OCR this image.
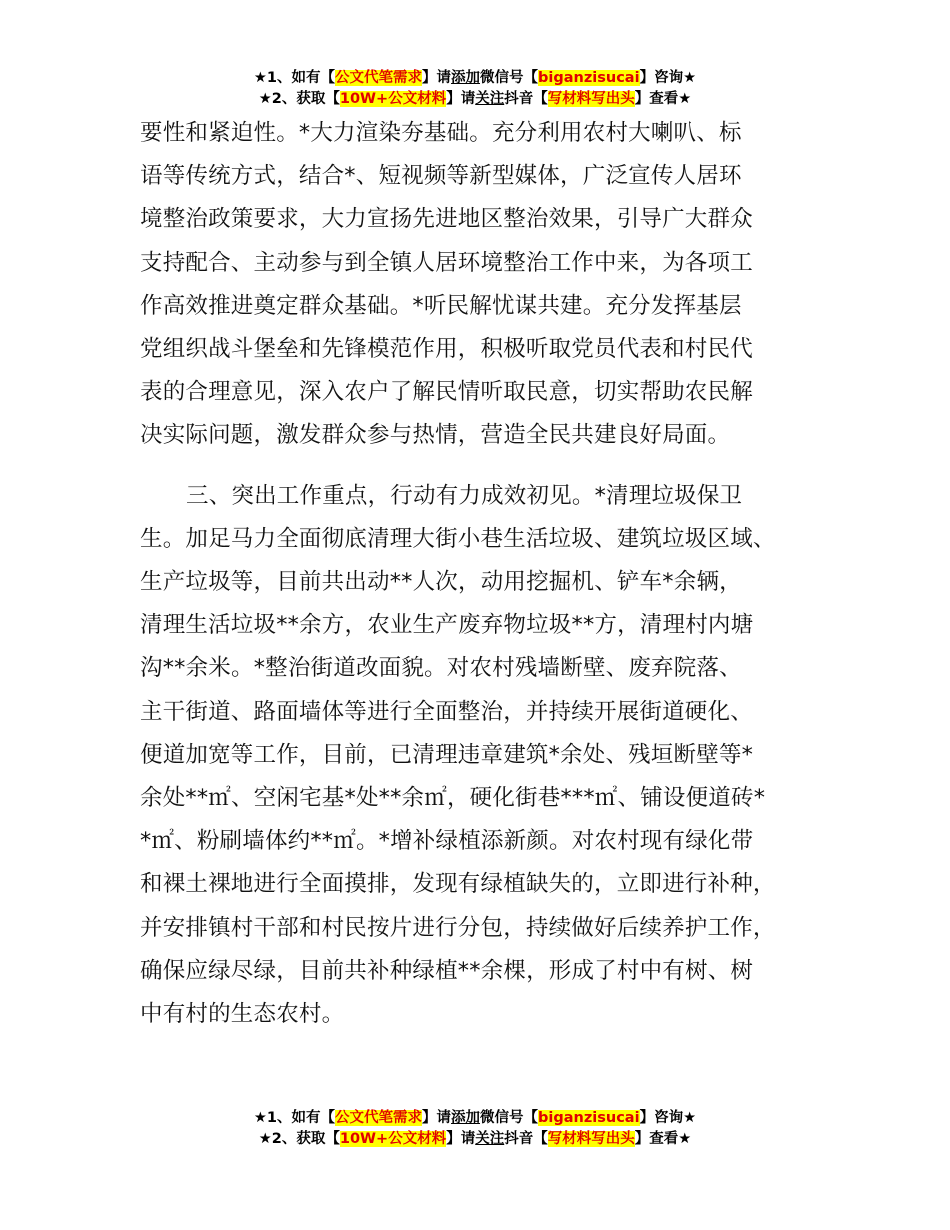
★1、如有【公文代笔需求】请添加微信号【biganzisucai】咨询★
★2、获取【10W+公文材料】请关注抖音【写材料写出头】查看★

要性和紧迫性。*大力渲染夯基础。充分利用农村大喇叭、标
语等传统方式，结合*、短视频等新型媒体，广泛宣传人居环
境整治政策要求，大力宣扬先进地区整治效果，引导广大群众
支持配合、主动参与到全镇人居环境整治工作中来，为各项工
作高效推进奠定群众基础。*听民解忧谋共建。充分发挥基层
党组织战斗堡垒和先锋模范作用，积极听取党员代表和村民代
表的合理意见，深入农户了解民情听取民意，切实帮助农民解
决实际问题，激发群众参与热情，营造全民共建良好局面。

三、突出工作重点，行动有力成效初见。*清理垃圾保卫
生。加足马力全面彻底清理大街小巷生活垃圾、建筑垃圾区域、
生产垃圾等，目前共出动**人次，动用挖掘机、铲车*余辆，
清理生活垃圾**余方，农业生产废弃物垃圾**方，清理村内塘
沟**余米。*整治街道改面貌。对农村残墙断壁、废弃院落、
主干街道、路面墙体等进行全面整治，并持续开展街道硬化、
便道加宽等工作，目前，已清理违章建筑*余处、残垣断壁等*
余处**㎡、空闲宅基*处**余㎡，硬化街巷***㎡、铺设便道砖*
*㎡、粉刷墙体约**㎡。*增补绿植添新颜。对农村现有绿化带
和裸土裸地进行全面摸排，发现有绿植缺失的，立即进行补种，
并安排镇村干部和村民按片进行分包，持续做好后续养护工作，
确保应绿尽绿，目前共补种绿植**余棵，形成了村中有树、树
中有村的生态农村。

★1、如有【公文代笔需求】请添加微信号【biganzisucai】咨询★
★2、获取【10W+公文材料】请关注抖音【写材料写出头】查看★
